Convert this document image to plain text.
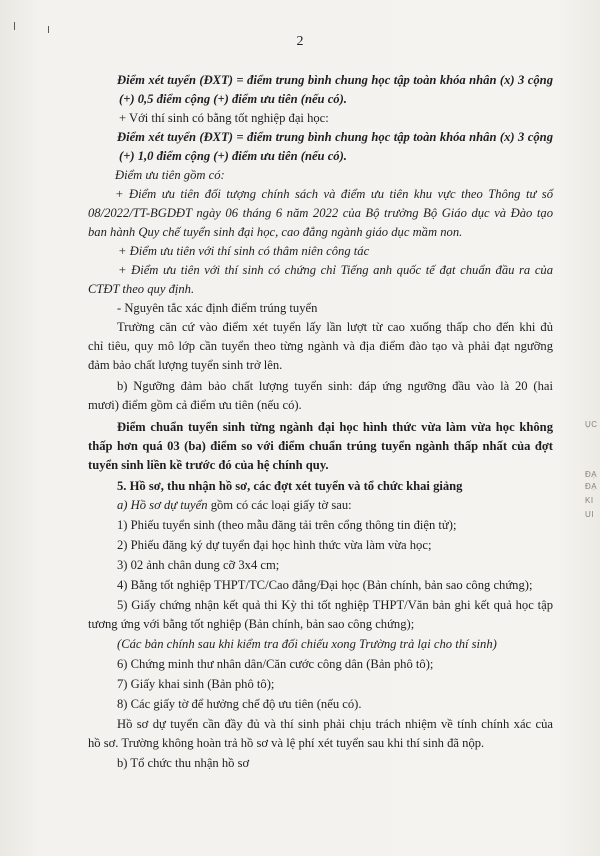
2
Điểm xét tuyển (ĐXT) = điểm trung bình chung học tập toàn khóa nhân (x) 3 cộng
(+) 0,5 điểm cộng (+) điểm ưu tiên (nếu có).
+ Với thí sinh có bằng tốt nghiệp đại học:
Điểm xét tuyển (ĐXT) = điểm trung bình chung học tập toàn khóa nhân (x) 3 cộng
(+) 1,0 điểm cộng (+) điểm ưu tiên (nếu có).
Điểm ưu tiên gồm có:
+ Điểm ưu tiên đối tượng chính sách và điểm ưu tiên khu vực theo Thông tư số
08/2022/TT-BGDĐT ngày 06 tháng 6 năm 2022 của Bộ trưởng Bộ Giáo dục và Đào tạo
ban hành Quy chế tuyển sinh đại học, cao đẳng ngành giáo dục mầm non.
+ Điểm ưu tiên với thí sinh có thâm niên công tác
+ Điểm ưu tiên với thí sinh có chứng chỉ Tiếng anh quốc tế đạt chuẩn đầu ra của
CTĐT theo quy định.
- Nguyên tắc xác định điểm trúng tuyển
Trường căn cứ vào điểm xét tuyển lấy lần lượt từ cao xuống thấp cho đến khi đủ
chỉ tiêu, quy mô lớp cần tuyển theo từng ngành và địa điểm đào tạo và phải đạt ngưỡng
đảm bảo chất lượng tuyển sinh trở lên.
b) Ngưỡng đảm bảo chất lượng tuyển sinh: đáp ứng ngưỡng đầu vào là 20 (hai
mươi) điểm gồm cả điểm ưu tiên (nếu có).
Điểm chuẩn tuyển sinh từng ngành đại học hình thức vừa làm vừa học không
thấp hơn quá 03 (ba) điểm so với điểm chuẩn trúng tuyển ngành thấp nhất của đợt
tuyển sinh liền kề trước đó của hệ chính quy.
5. Hồ sơ, thu nhận hồ sơ, các đợt xét tuyển và tổ chức khai giảng
a) Hồ sơ dự tuyển gồm có các loại giấy tờ sau:
1) Phiếu tuyển sinh (theo mẫu đăng tải trên cổng thông tin điện tử);
2) Phiếu đăng ký dự tuyển đại học hình thức vừa làm vừa học;
3) 02 ảnh chân dung cỡ 3x4 cm;
4) Bằng tốt nghiệp THPT/TC/Cao đẳng/Đại học (Bản chính, bản sao công chứng);
5) Giấy chứng nhận kết quả thi Kỳ thi tốt nghiệp THPT/Văn bản ghi kết quả học tập
tương ứng với bằng tốt nghiệp (Bản chính, bản sao công chứng);
(Các bản chính sau khi kiểm tra đối chiếu xong Trường trả lại cho thí sinh)
6) Chứng minh thư nhân dân/Căn cước công dân (Bản phô tô);
7) Giấy khai sinh (Bản phô tô);
8) Các giấy tờ để hưởng chế độ ưu tiên (nếu có).
Hồ sơ dự tuyển cần đầy đủ và thí sinh phải chịu trách nhiệm về tính chính xác của
hồ sơ. Trường không hoàn trả hồ sơ và lệ phí xét tuyển sau khi thí sinh đã nộp.
b) Tổ chức thu nhận hồ sơ
ỤC
ĐẠ
ĐẠ
KI
UI
